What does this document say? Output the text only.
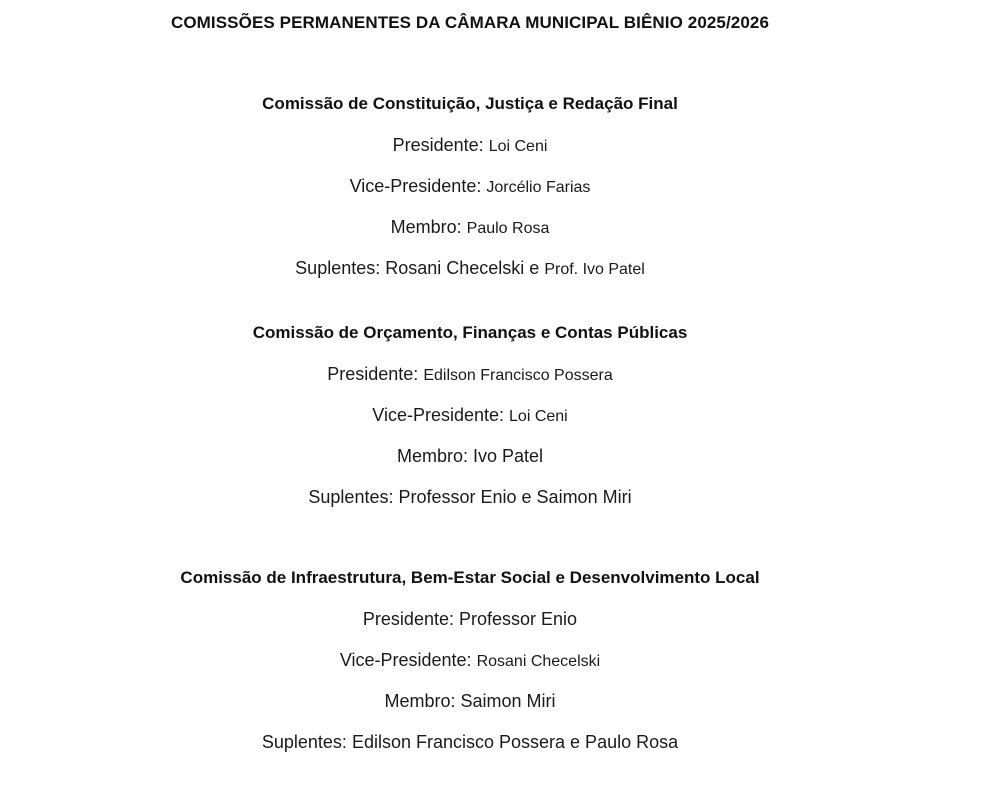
COMISSÕES PERMANENTES DA CÂMARA MUNICIPAL BIÊNIO 2025/2026
Comissão de Constituição, Justiça e Redação Final
Presidente: Loi Ceni
Vice-Presidente: Jorcélio Farias
Membro: Paulo Rosa
Suplentes: Rosani Checelski e Prof. Ivo Patel
Comissão de Orçamento, Finanças e Contas Públicas
Presidente: Edilson Francisco Possera
Vice-Presidente: Loi Ceni
Membro: Ivo Patel
Suplentes: Professor Enio e Saimon Miri
Comissão de Infraestrutura, Bem-Estar Social e Desenvolvimento Local
Presidente: Professor Enio
Vice-Presidente: Rosani Checelski
Membro: Saimon Miri
Suplentes: Edilson Francisco Possera e Paulo Rosa
